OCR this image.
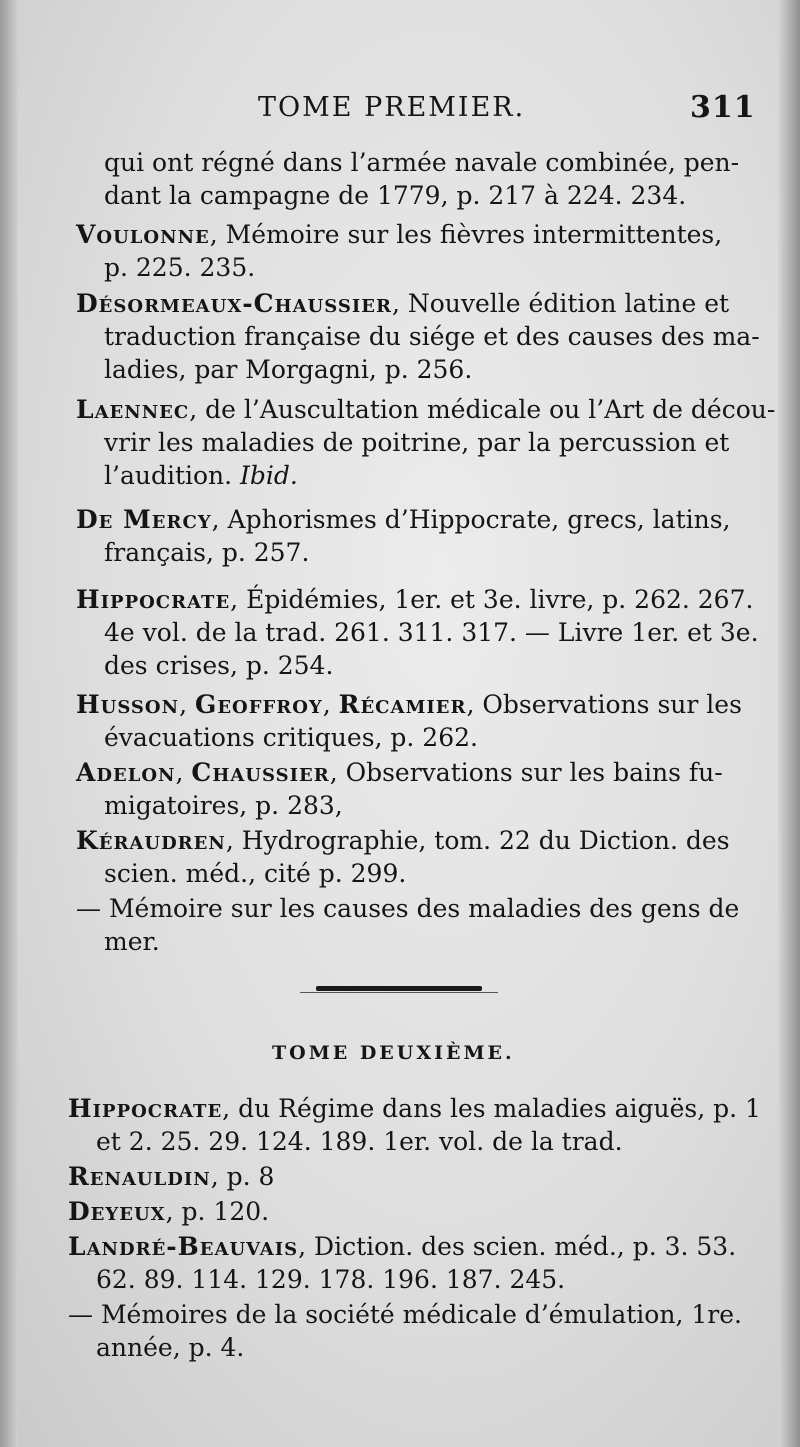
TOME PREMIER.	311
qui ont régné dans l’armée navale combinée, pen-
dant la campagne de 1779, p. 217 à 224. 234.
Voulonne, Mémoire sur les fièvres intermittentes,
p. 225. 235.
Désormeaux-Chaussier, Nouvelle édition latine et
traduction française du siége et des causes des ma-
ladies, par Morgagni, p. 256.
Laennec, de l’Auscultation médicale ou l’Art de décou-
vrir les maladies de poitrine, par la percussion et
l’audition. Ibid.
De Mercy, Aphorismes d’Hippocrate, grecs, latins,
français, p. 257.
Hippocrate, Épidémies, 1er. et 3e. livre, p. 262. 267.
4e vol. de la trad. 261. 311. 317. — Livre 1er. et 3e.
des crises, p. 254.
Husson, Geoffroy, Récamier, Observations sur les
évacuations critiques, p. 262.
Adelon, Chaussier, Observations sur les bains fu-
migatoires, p. 283,
Kéraudren, Hydrographie, tom. 22 du Diction. des
scien. méd., cité p. 299.
— Mémoire sur les causes des maladies des gens de
mer.
TOME DEUXIÈME.
Hippocrate, du Régime dans les maladies aiguës, p. 1
et 2. 25. 29. 124. 189. 1er. vol. de la trad.
Renauldin, p. 8
Deyeux, p. 120.
Landré-Beauvais, Diction. des scien. méd., p. 3. 53.
62. 89. 114. 129. 178. 196. 187. 245.
— Mémoires de la société médicale d’émulation, 1re.
année, p. 4.
